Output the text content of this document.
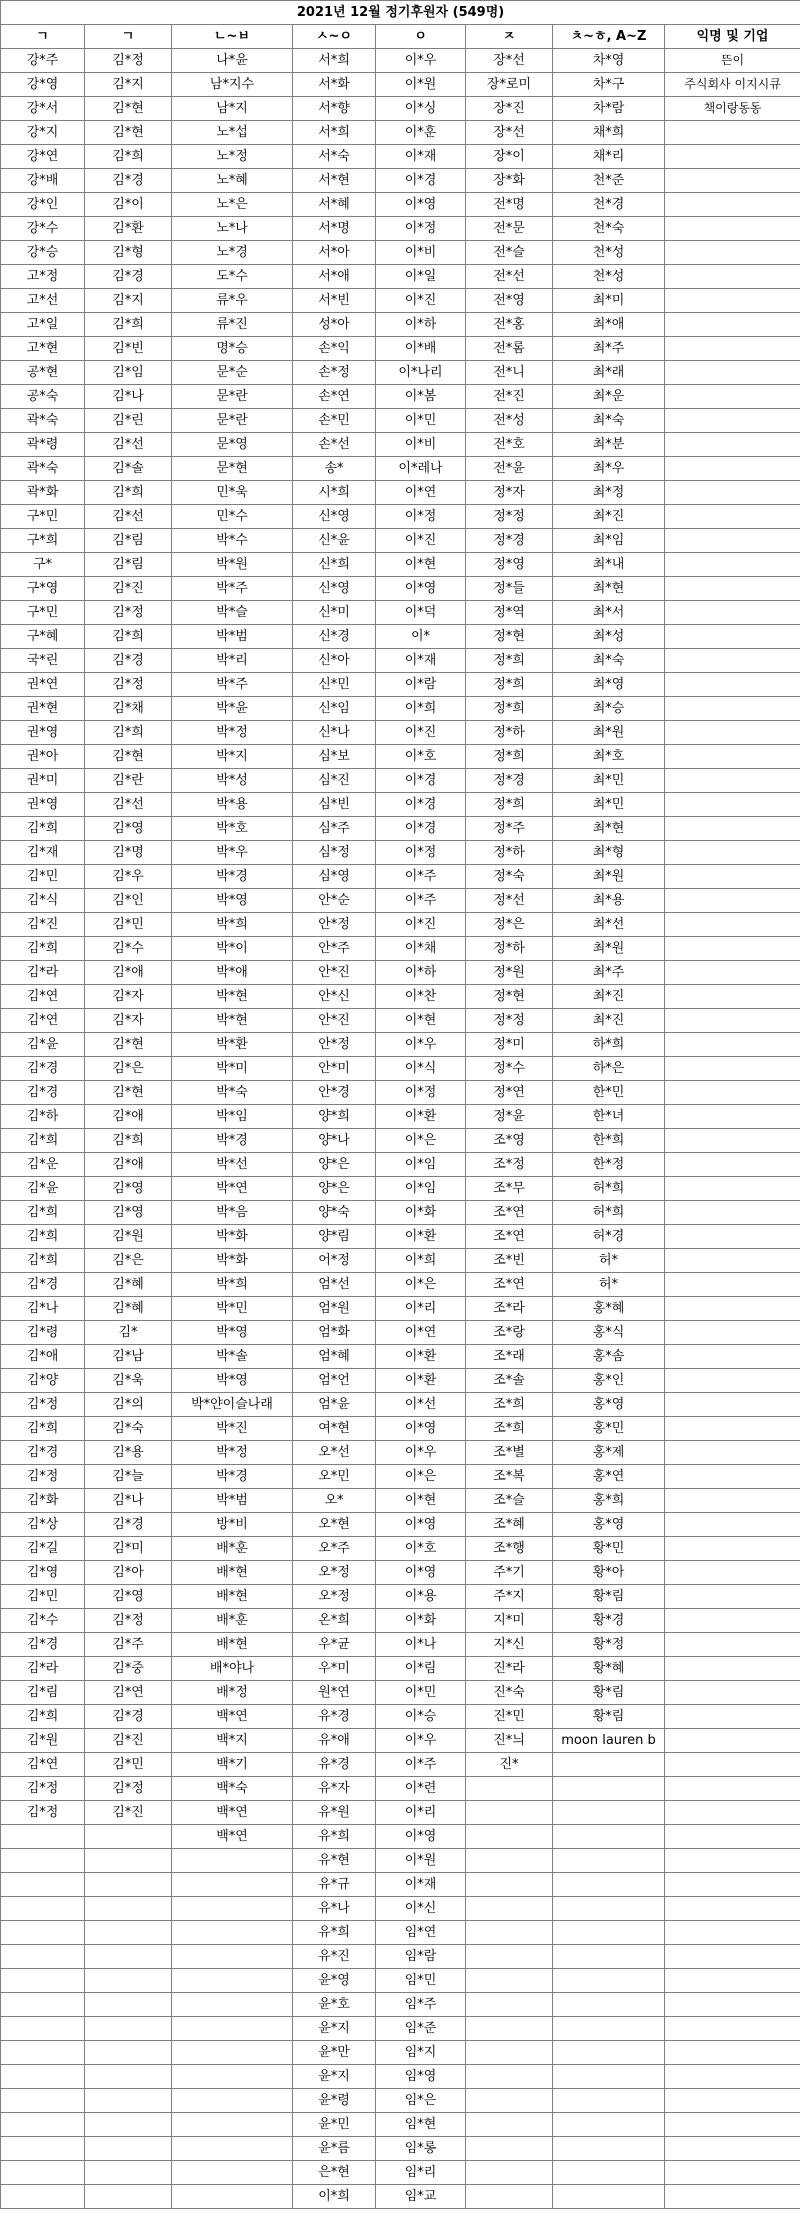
2021년 12월 정기후원자 (549명)							
ㄱ	ㄱ	ㄴ~ㅂ	ㅅ~ㅇ	ㅇ	ㅈ	ㅊ~ㅎ, A~Z	익명 및 기업
강*주	김*정	나*윤	서*희	이*우	장*선	차*영	뜬이
강*영	김*지	남*지수	서*화	이*원	장*로미	차*구	주식회사 이지시큐
강*서	김*현	남*지	서*향	이*싱	장*진	차*람	책이랑동동
강*지	김*현	노*섭	서*희	이*훈	장*선	채*희	
강*연	김*희	노*정	서*숙	이*재	장*이	채*리	
강*배	김*경	노*혜	서*현	이*경	장*화	천*준	
강*인	김*이	노*은	서*혜	이*영	전*명	천*경	
강*수	김*환	노*나	서*명	이*정	전*문	천*숙	
강*승	김*형	노*경	서*아	이*비	전*슬	천*성	
고*정	김*경	도*수	서*애	이*일	전*선	천*성	
고*선	김*지	류*우	서*빈	이*진	전*영	최*미	
고*일	김*희	류*진	성*아	이*하	전*홍	최*애	
고*현	김*빈	명*승	손*익	이*배	전*롬	최*주	
공*현	김*임	문*순	손*정	이*나리	전*니	최*래	
공*숙	김*나	문*란	손*연	이*봄	전*진	최*운	
곽*숙	김*린	문*란	손*민	이*민	전*성	최*숙	
곽*령	김*선	문*영	손*선	이*비	전*호	최*분	
곽*숙	김*솔	문*현	송*	이*레나	전*윤	최*우	
곽*화	김*희	민*욱	시*희	이*연	정*자	최*정	
구*민	김*선	민*수	신*영	이*정	정*정	최*진	
구*희	김*림	박*수	신*윤	이*진	정*경	최*임	
구*	김*림	박*원	신*희	이*현	정*영	최*내	
구*영	김*진	박*주	신*영	이*영	정*들	최*현	
구*민	김*정	박*슬	신*미	이*덕	정*역	최*서	
구*혜	김*희	박*범	신*경	이*	정*현	최*성	
국*린	김*경	박*리	신*아	이*재	정*희	최*숙	
권*연	김*정	박*주	신*민	이*람	정*희	최*영	
권*현	김*채	박*윤	신*임	이*희	정*희	최*승	
권*영	김*희	박*정	신*나	이*진	정*하	최*원	
권*아	김*현	박*지	심*보	이*호	정*희	최*호	
권*미	김*란	박*성	심*진	이*경	정*경	최*민	
권*영	김*선	박*용	심*빈	이*경	정*희	최*민	
김*희	김*영	박*호	심*주	이*경	정*주	최*현	
김*재	김*명	박*우	심*정	이*정	정*하	최*형	
김*민	김*우	박*경	심*영	이*주	정*숙	최*원	
김*식	김*인	박*영	안*순	이*주	정*선	최*용	
김*진	김*민	박*희	안*정	이*진	정*은	최*선	
김*희	김*수	박*이	안*주	이*채	정*하	최*원	
김*라	김*애	박*애	안*진	이*하	정*원	최*주	
김*연	김*자	박*현	안*신	이*찬	정*현	최*진	
김*연	김*자	박*현	안*진	이*현	정*정	최*진	
김*윤	김*현	박*환	안*정	이*우	정*미	하*희	
김*경	김*은	박*미	안*미	이*식	정*수	하*은	
김*경	김*현	박*숙	안*경	이*정	정*연	한*민	
김*하	김*애	박*임	양*희	이*환	정*윤	한*녀	
김*희	김*희	박*경	양*나	이*은	조*영	한*희	
김*운	김*애	박*선	양*은	이*임	조*정	한*정	
김*윤	김*영	박*연	양*은	이*임	조*무	허*희	
김*희	김*영	박*음	양*숙	이*화	조*연	허*희	
김*희	김*원	박*화	양*림	이*환	조*연	허*경	
김*희	김*은	박*화	어*정	이*희	조*빈	허*	
김*경	김*혜	박*희	엄*선	이*은	조*연	허*	
김*나	김*혜	박*민	엄*원	이*리	조*라	홍*혜	
김*령	김*	박*영	엄*화	이*연	조*랑	홍*식	
김*애	김*남	박*솔	엄*혜	이*환	조*래	홍*솜	
김*양	김*욱	박*영	엄*언	이*환	조*솔	홍*인	
김*정	김*의	박*얀이슬나래	엄*윤	이*선	조*희	홍*영	
김*희	김*숙	박*진	여*현	이*영	조*희	홍*민	
김*경	김*용	박*정	오*선	이*우	조*별	홍*제	
김*정	김*늘	박*경	오*민	이*은	조*복	홍*연	
김*화	김*나	박*범	오*	이*현	조*슬	홍*희	
김*상	김*경	방*비	오*현	이*영	조*혜	홍*영	
김*길	김*미	배*훈	오*주	이*호	조*행	황*민	
김*영	김*아	배*현	오*정	이*영	주*기	황*아	
김*민	김*영	배*현	오*정	이*용	주*지	황*림	
김*수	김*정	배*훈	온*희	이*화	지*미	황*경	
김*경	김*주	배*현	우*균	이*나	지*신	황*정	
김*라	김*중	배*야나	우*미	이*림	진*라	황*혜	
김*림	김*연	배*정	원*연	이*민	진*숙	황*림	
김*희	김*경	백*연	유*경	이*승	진*민	황*림	
김*원	김*진	백*지	유*애	이*우	진*늬	moon lauren b	
김*연	김*민	백*기	유*경	이*주	진*		
김*정	김*정	백*숙	유*자	이*련			
김*정	김*진	백*연	유*원	이*리			
		백*연	유*희	이*영			
			유*현	이*원			
			유*규	이*재			
			유*나	이*신			
			유*희	임*연			
			유*진	임*람			
			윤*영	임*민			
			윤*호	임*주			
			윤*지	임*준			
			윤*만	임*지			
			윤*지	임*영			
			윤*령	임*은			
			윤*민	임*현			
			윤*름	임*롱			
			은*현	임*리			
			이*희	임*교			
